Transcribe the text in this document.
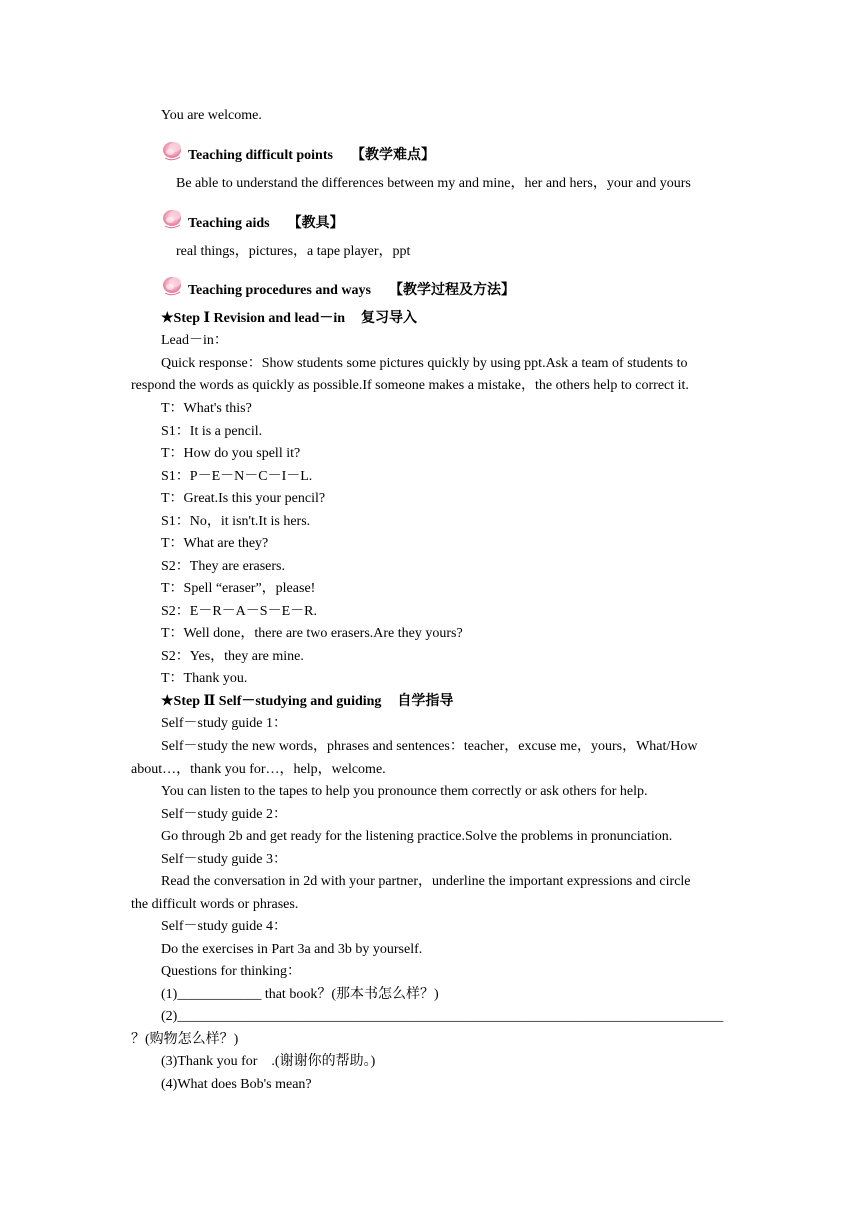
You are welcome.
Teaching difficult points 【教学难点】
Be able to understand the differences between my and mine，her and hers，your and yours
Teaching aids 【教具】
real things，pictures，a tape player，ppt
Teaching procedures and ways 【教学过程及方法】
★Step Ⅰ Revision and lead－in 复习导入
Lead－in：
Quick response：Show students some pictures quickly by using ppt.Ask a team of students to
respond the words as quickly as possible.If someone makes a mistake，the others help to correct it.
T：What's this?
S1：It is a pencil.
T：How do you spell it?
S1：P－E－N－C－I－L.
T：Great.Is this your pencil?
S1：No，it isn't.It is hers.
T：What are they?
S2：They are erasers.
T：Spell “eraser”，please!
S2：E－R－A－S－E－R.
T：Well done，there are two erasers.Are they yours?
S2：Yes，they are mine.
T：Thank you.
★Step Ⅱ Self－studying and guiding 自学指导
Self－study guide 1：
Self－study the new words，phrases and sentences：teacher，excuse me，yours，What/How
about…，thank you for…，help，welcome.
You can listen to the tapes to help you pronounce them correctly or ask others for help.
Self－study guide 2：
Go through 2b and get ready for the listening practice.Solve the problems in pronunciation.
Self－study guide 3：
Read the conversation in 2d with your partner，underline the important expressions and circle
the difficult words or phrases.
Self－study guide 4：
Do the exercises in Part 3a and 3b by yourself.
Questions for thinking：
(1)____________ that book？(那本书怎么样？)
(2)______________________________________________________________________________
？(购物怎么样？)
(3)Thank you for　.(谢谢你的帮助。)
(4)What does Bob's mean?
